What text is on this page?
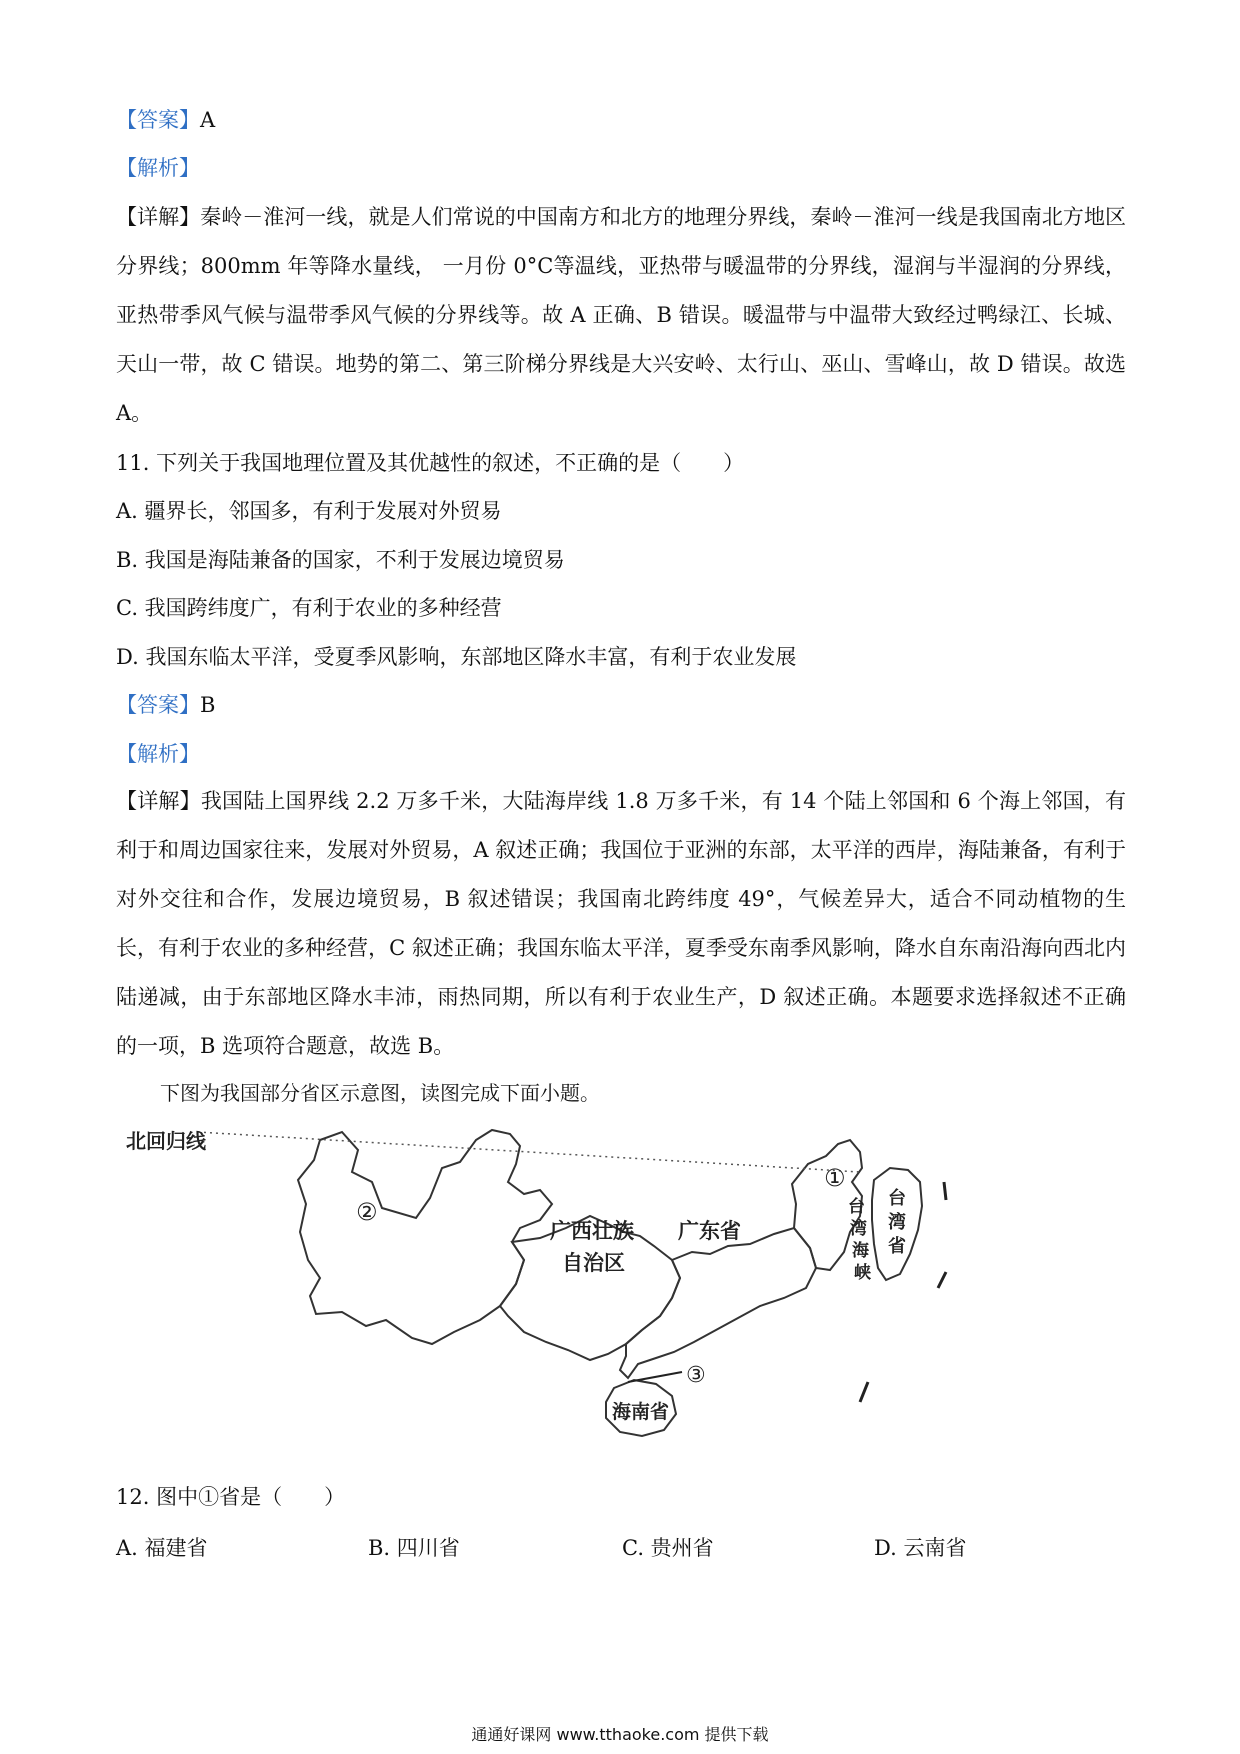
【答案】A
【解析】
【详解】秦岭－淮河一线，就是人们常说的中国南方和北方的地理分界线，秦岭－淮河一线是我国南北方地区分界线；800mm 年等降水量线， 一月份 0°C等温线，亚热带与暖温带的分界线，湿润与半湿润的分界线，亚热带季风气候与温带季风气候的分界线等。故 A 正确、B 错误。暖温带与中温带大致经过鸭绿江、长城、天山一带，故 C 错误。地势的第二、第三阶梯分界线是大兴安岭、太行山、巫山、雪峰山，故 D 错误。故选 A。
11. 下列关于我国地理位置及其优越性的叙述，不正确的是（　　）
A. 疆界长，邻国多，有利于发展对外贸易
B. 我国是海陆兼备的国家，不利于发展边境贸易
C. 我国跨纬度广，有利于农业的多种经营
D. 我国东临太平洋，受夏季风影响，东部地区降水丰富，有利于农业发展
【答案】B
【解析】
【详解】我国陆上国界线 2.2 万多千米，大陆海岸线 1.8 万多千米，有 14 个陆上邻国和 6 个海上邻国，有利于和周边国家往来，发展对外贸易，A 叙述正确；我国位于亚洲的东部，太平洋的西岸，海陆兼备，有利于对外交往和合作，发展边境贸易，B 叙述错误；我国南北跨纬度 49°，气候差异大，适合不同动植物的生长，有利于农业的多种经营，C 叙述正确；我国东临太平洋，夏季受东南季风影响，降水自东南沿海向西北内陆递减，由于东部地区降水丰沛，雨热同期，所以有利于农业生产，D 叙述正确。本题要求选择叙述不正确的一项，B 选项符合题意，故选 B。
下图为我国部分省区示意图，读图完成下面小题。
北回归线
②
①
③
广西壮族
自治区
广东省
海南省
台
湾
海
峡
台
湾
省
12. 图中①省是（　　）
A. 福建省	B. 四川省	C. 贵州省	D. 云南省
通通好课网 www.tthaoke.com 提供下载
